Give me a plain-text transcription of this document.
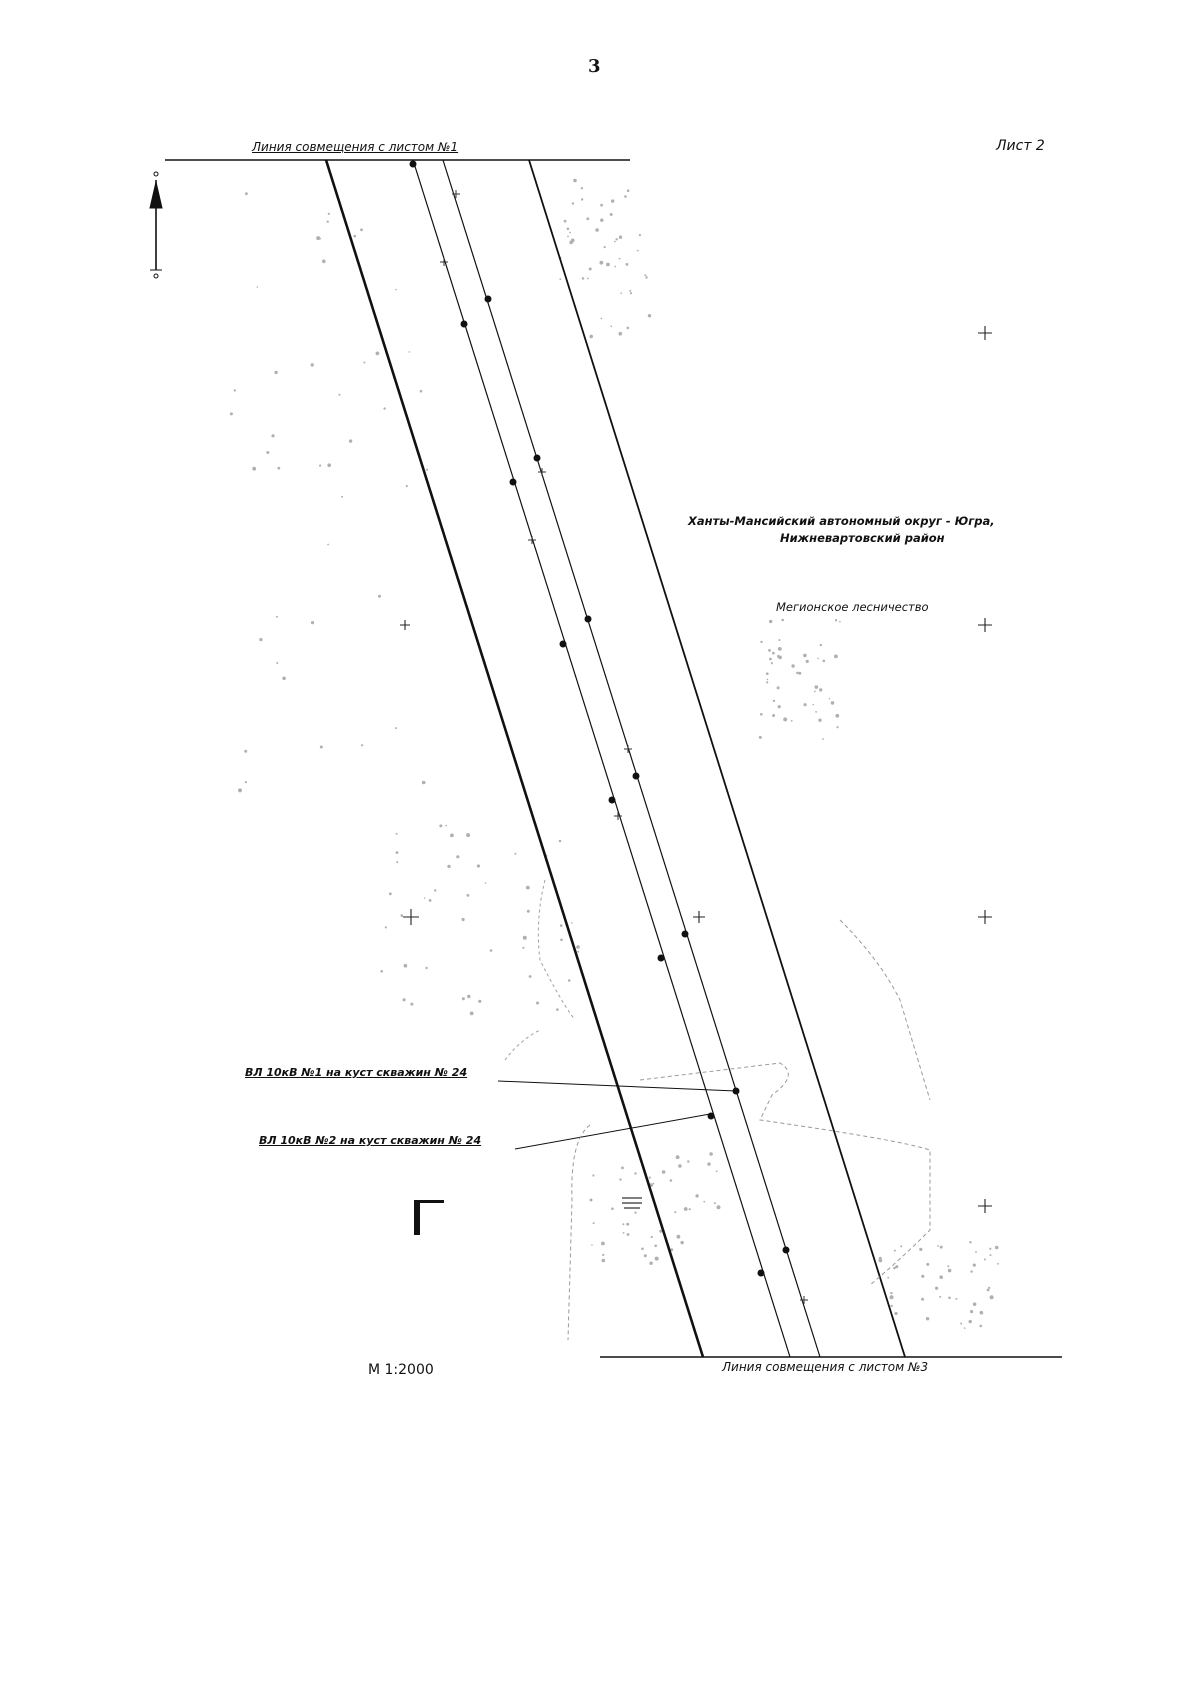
3
Лист 2
Линия совмещения с листом №1
Линия совмещения с листом №3
Ханты-Мансийский автономный округ - Югра,
Нижневартовский район
Мегионское лесничество
ВЛ 10кВ №1 на куст скважин № 24
ВЛ 10кВ №2 на куст скважин № 24
М 1:2000
